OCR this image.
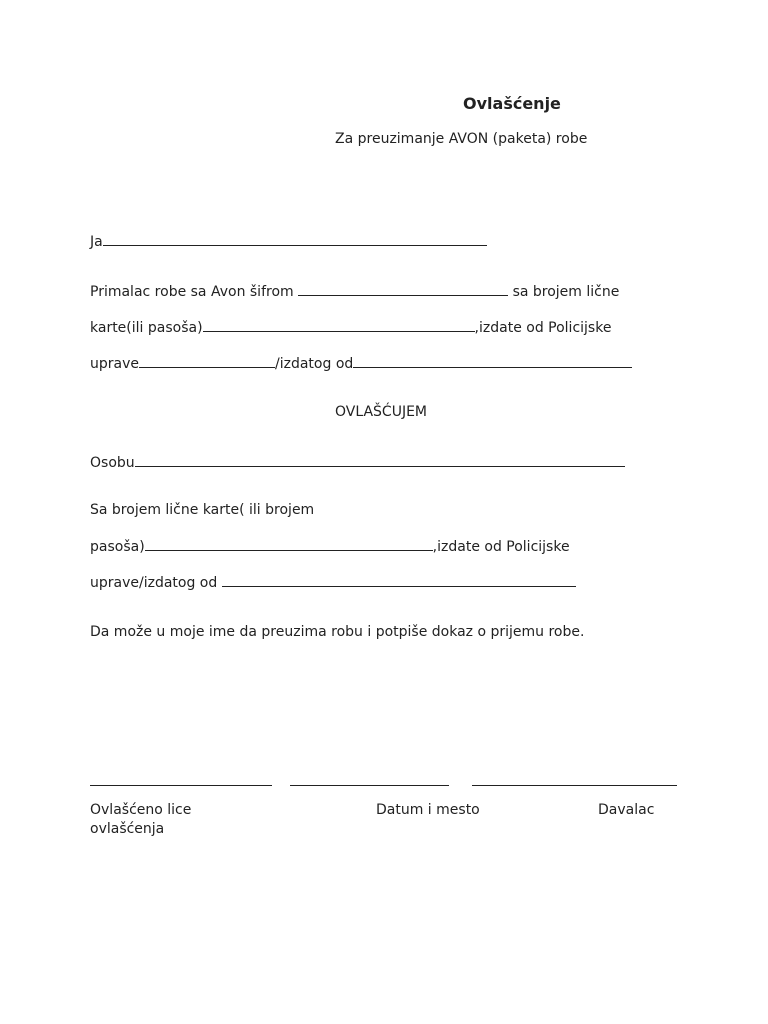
Ovlašćenje
Za preuzimanje AVON (paketa) robe
Ja
Primalac robe sa Avon šifrom	sa brojem lične
karte(ili pasoša)	,izdate od Policijske
uprave	/izdatog od
OVLAŠĆUJEM
Osobu
Sa brojem lične karte( ili brojem
pasoša)	,izdate od Policijske
uprave/izdatog od
Da može u moje ime da preuzima robu i potpiše dokaz o prijemu robe.
Ovlašćeno lice	Datum i mesto	Davalac
ovlašćenja
